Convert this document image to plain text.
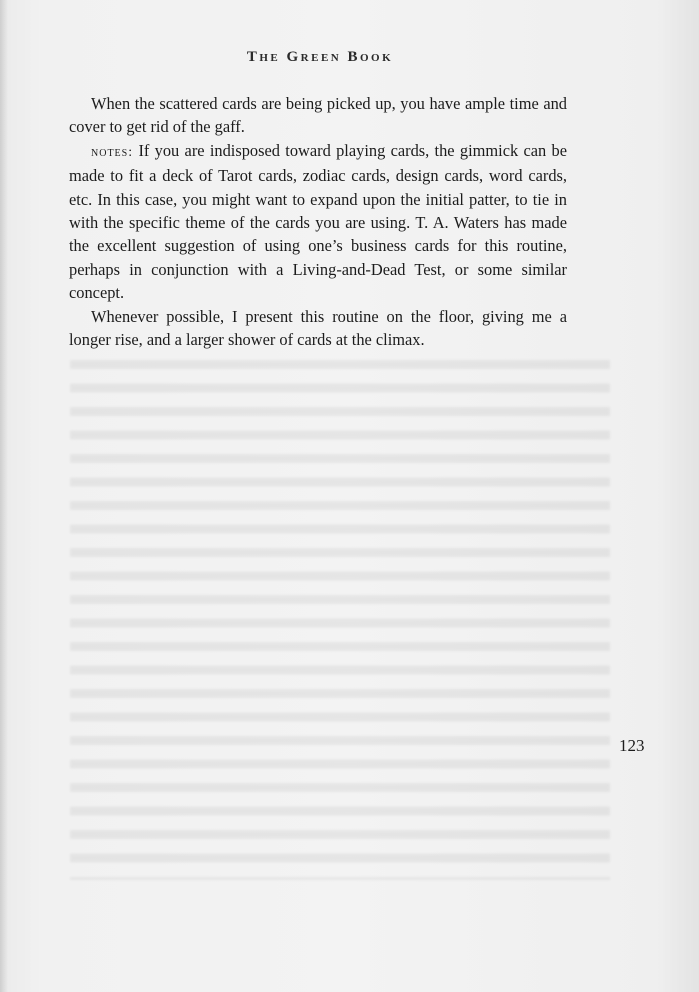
The Green Book

When the scattered cards are being picked up, you have ample time and cover to get rid of the gaff.

notes: If you are indisposed toward playing cards, the gimmick can be made to fit a deck of Tarot cards, zodiac cards, design cards, word cards, etc. In this case, you might want to expand upon the initial patter, to tie in with the specific theme of the cards you are using. T. A. Waters has made the excellent suggestion of using one’s business cards for this routine, perhaps in conjunction with a Living-and-Dead Test, or some similar concept.

Whenever possible, I present this routine on the floor, giving me a longer rise, and a larger shower of cards at the climax.

123
